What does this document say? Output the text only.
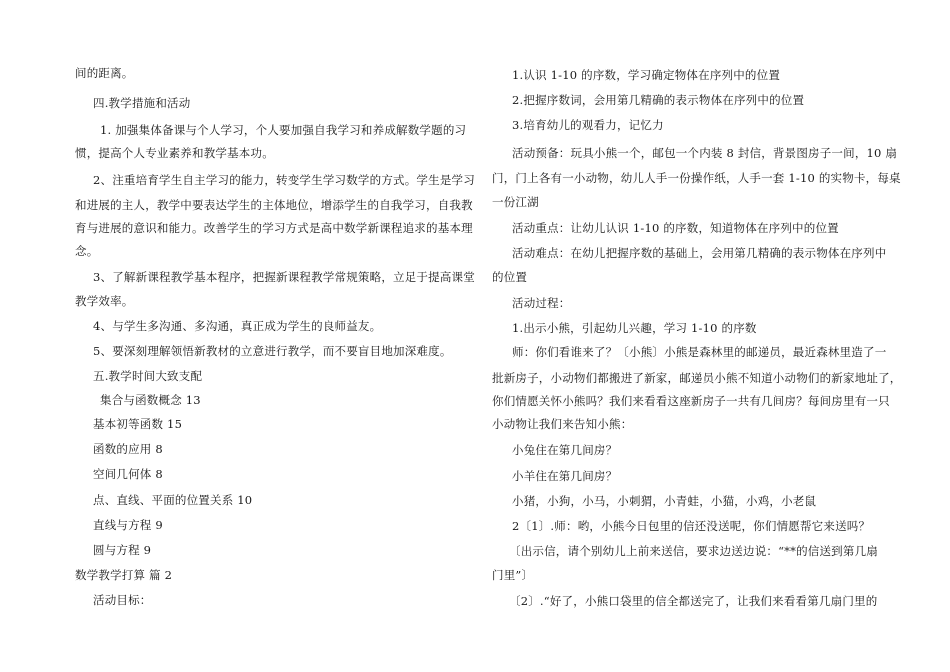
间的距离。
四.教学措施和活动
1. 加强集体备课与个人学习，个人要加强自我学习和养成解数学题的习
惯，提高个人专业素养和教学基本功。
2、注重培育学生自主学习的能力，转变学生学习数学的方式。学生是学习
和进展的主人，教学中要表达学生的主体地位，增添学生的自我学习，自我教
育与进展的意识和能力。改善学生的学习方式是高中数学新课程追求的基本理
念。
3、了解新课程教学基本程序，把握新课程教学常规策略，立足于提高课堂
教学效率。
4、与学生多沟通、多沟通，真正成为学生的良师益友。
5、要深刻理解领悟新教材的立意进行教学，而不要盲目地加深难度。
五.教学时间大致支配
集合与函数概念 13
基本初等函数 15
函数的应用 8
空间几何体 8
点、直线、平面的位置关系 10
直线与方程 9
圆与方程 9
数学教学打算 篇 2
活动目标：
1.认识 1-10 的序数，学习确定物体在序列中的位置
2.把握序数词，会用第几精确的表示物体在序列中的位置
3.培育幼儿的观看力，记忆力
活动预备：玩具小熊一个，邮包一个内装 8 封信，背景图房子一间，10 扇
门，门上各有一小动物，幼儿人手一份操作纸，人手一套 1-10 的实物卡，每桌
一份江湖
活动重点：让幼儿认识 1-10 的序数，知道物体在序列中的位置
活动难点：在幼儿把握序数的基础上，会用第几精确的表示物体在序列中
的位置
活动过程：
1.出示小熊，引起幼儿兴趣，学习 1-10 的序数
师：你们看谁来了？〔小熊〕小熊是森林里的邮递员，最近森林里造了一
批新房子，小动物们都搬进了新家，邮递员小熊不知道小动物们的新家地址了，
你们情愿关怀小熊吗？我们来看看这座新房子一共有几间房？每间房里有一只
小动物让我们来告知小熊：
小兔住在第几间房？
小羊住在第几间房？
小猪，小狗，小马，小刺猬，小青蛙，小猫，小鸡，小老鼠
2〔1〕.师：哟，小熊今日包里的信还没送呢，你们情愿帮它来送吗？
〔出示信，请个别幼儿上前来送信，要求边送边说：“**的信送到第几扇
门里”〕
〔2〕.“好了，小熊口袋里的信全都送完了，让我们来看看第几扇门里的
